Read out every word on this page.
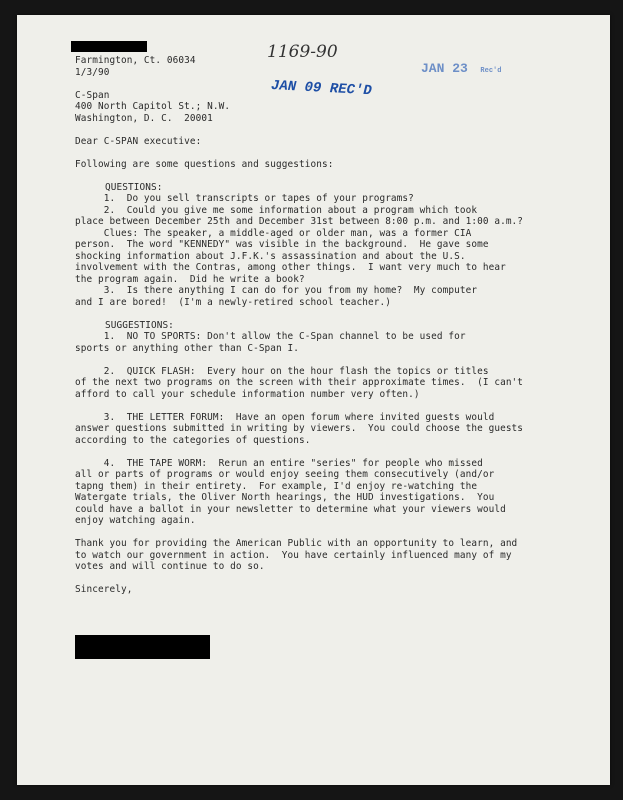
1169-90
JAN 09 REC'D
JAN 23 Rec'd
Farmington, Ct. 06034
1/3/90
C-Span
400 North Capitol St.; N.W.
Washington, D. C.  20001
Dear C-SPAN executive:
Following are some questions and suggestions:
QUESTIONS:
1.  Do you sell transcripts or tapes of your programs?
2.  Could you give me some information about a program which took
place between December 25th and December 31st between 8:00 p.m. and 1:00 a.m.?
Clues: The speaker, a middle-aged or older man, was a former CIA
person.  The word "KENNEDY" was visible in the background.  He gave some
shocking information about J.F.K.'s assassination and about the U.S.
involvement with the Contras, among other things.  I want very much to hear
the program again.  Did he write a book?
3.  Is there anything I can do for you from my home?  My computer
and I are bored!  (I'm a newly-retired school teacher.)
SUGGESTIONS:
1.  NO TO SPORTS: Don't allow the C-Span channel to be used for
sports or anything other than C-Span I.
2.  QUICK FLASH:  Every hour on the hour flash the topics or titles
of the next two programs on the screen with their approximate times.  (I can't
afford to call your schedule information number very often.)
3.  THE LETTER FORUM:  Have an open forum where invited guests would
answer questions submitted in writing by viewers.  You could choose the guests
according to the categories of questions.
4.  THE TAPE WORM:  Rerun an entire "series" for people who missed
all or parts of programs or would enjoy seeing them consecutively (and/or
tapng them) in their entirety.  For example, I'd enjoy re-watching the
Watergate trials, the Oliver North hearings, the HUD investigations.  You
could have a ballot in your newsletter to determine what your viewers would
enjoy watching again.
Thank you for providing the American Public with an opportunity to learn, and
to watch our government in action.  You have certainly influenced many of my
votes and will continue to do so.
Sincerely,
